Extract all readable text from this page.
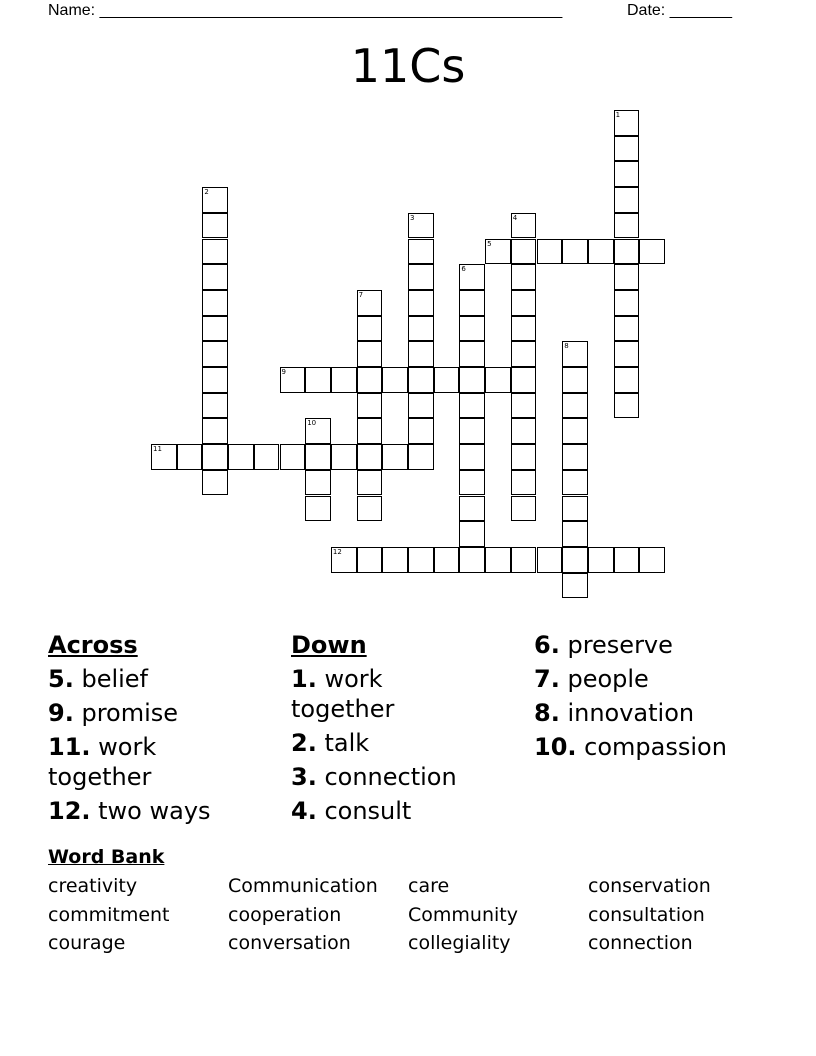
Name: ____________________________________________________	Date: _______
11Cs
1
2
3	4
5
6
7
8
9
10
11
12
Across
5. belief
9. promise
11. work together
12. two ways
Down
1. work together
2. talk
3. connection
4. consult
6. preserve
7. people
8. innovation
10. compassion
Word Bank
creativity
commitment
courage
Communication
cooperation
conversation
care
Community
collegiality
conservation
consultation
connection
